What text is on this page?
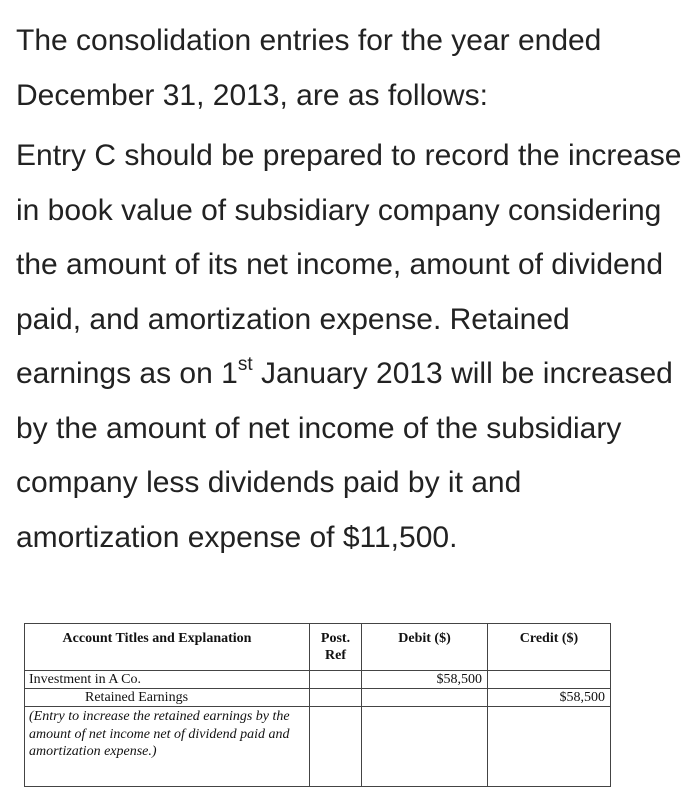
The consolidation entries for the year ended December 31, 2013, are as follows:

Entry C should be prepared to record the increase in book value of subsidiary company considering the amount of its net income, amount of dividend paid, and amortization expense. Retained earnings as on 1st January 2013 will be increased by the amount of net income of the subsidiary company less dividends paid by it and amortization expense of $11,500.

Account Titles and Explanation	Post. Ref	Debit ($)	Credit ($)
Investment in A Co.		$58,500	
Retained Earnings			$58,500
(Entry to increase the retained earnings by the amount of net income net of dividend paid and amortization expense.)			
